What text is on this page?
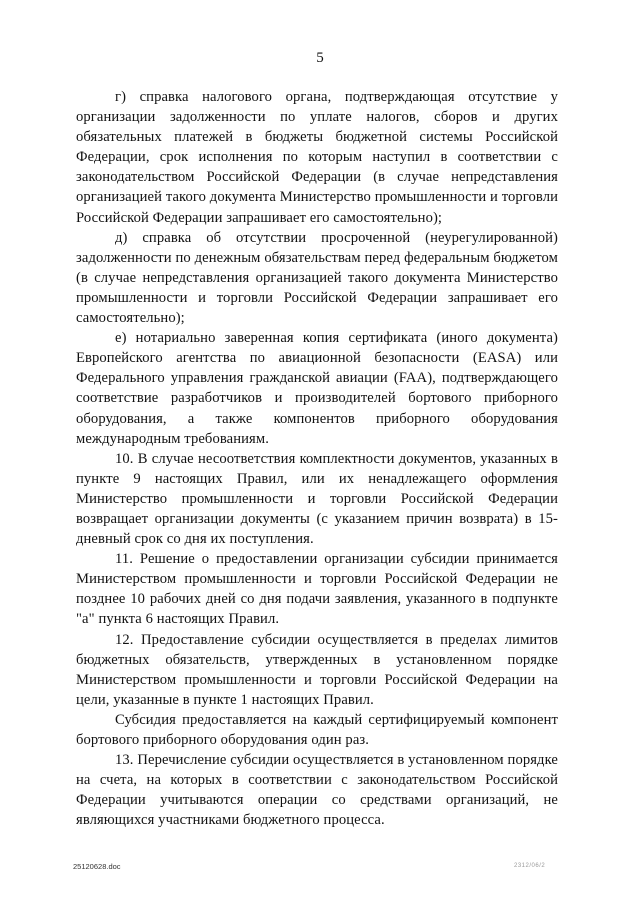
5

г) справка налогового органа, подтверждающая отсутствие у организации задолженности по уплате налогов, сборов и других обязательных платежей в бюджеты бюджетной системы Российской Федерации, срок исполнения по которым наступил в соответствии с законодательством Российской Федерации (в случае непредставления организацией такого документа Министерство промышленности и торговли Российской Федерации запрашивает его самостоятельно);

д) справка об отсутствии просроченной (неурегулированной) задолженности по денежным обязательствам перед федеральным бюджетом (в случае непредставления организацией такого документа Министерство промышленности и торговли Российской Федерации запрашивает его самостоятельно);

е) нотариально заверенная копия сертификата (иного документа) Европейского агентства по авиационной безопасности (EASA) или Федерального управления гражданской авиации (FAA), подтверждающего соответствие разработчиков и производителей бортового приборного оборудования, а также компонентов приборного оборудования международным требованиям.

10. В случае несоответствия комплектности документов, указанных в пункте 9 настоящих Правил, или их ненадлежащего оформления Министерство промышленности и торговли Российской Федерации возвращает организации документы (с указанием причин возврата) в 15-дневный срок со дня их поступления.

11. Решение о предоставлении организации субсидии принимается Министерством промышленности и торговли Российской Федерации не позднее 10 рабочих дней со дня подачи заявления, указанного в подпункте "а" пункта 6 настоящих Правил.

12. Предоставление субсидии осуществляется в пределах лимитов бюджетных обязательств, утвержденных в установленном порядке Министерством промышленности и торговли Российской Федерации на цели, указанные в пункте 1 настоящих Правил.

Субсидия предоставляется на каждый сертифицируемый компонент бортового приборного оборудования один раз.

13. Перечисление субсидии осуществляется в установленном порядке на счета, на которых в соответствии с законодательством Российской Федерации учитываются операции со средствами организаций, не являющихся участниками бюджетного процесса.

25120628.doc	2312/06/2
